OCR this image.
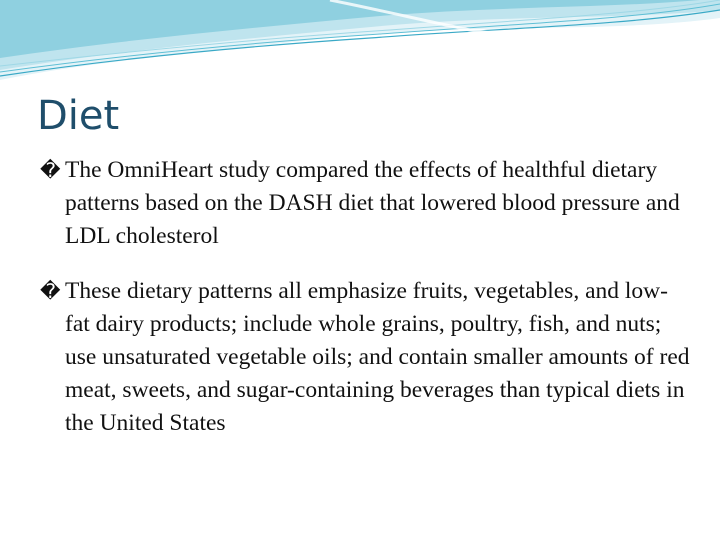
Diet
� The OmniHeart study compared the effects of healthful dietary patterns based on the DASH diet that lowered blood pressure and LDL cholesterol
� These dietary patterns all emphasize fruits, vegetables, and low-fat dairy products; include whole grains, poultry, fish, and nuts; use unsaturated vegetable oils; and contain smaller amounts of red meat, sweets, and sugar-containing beverages than typical diets in the United States
